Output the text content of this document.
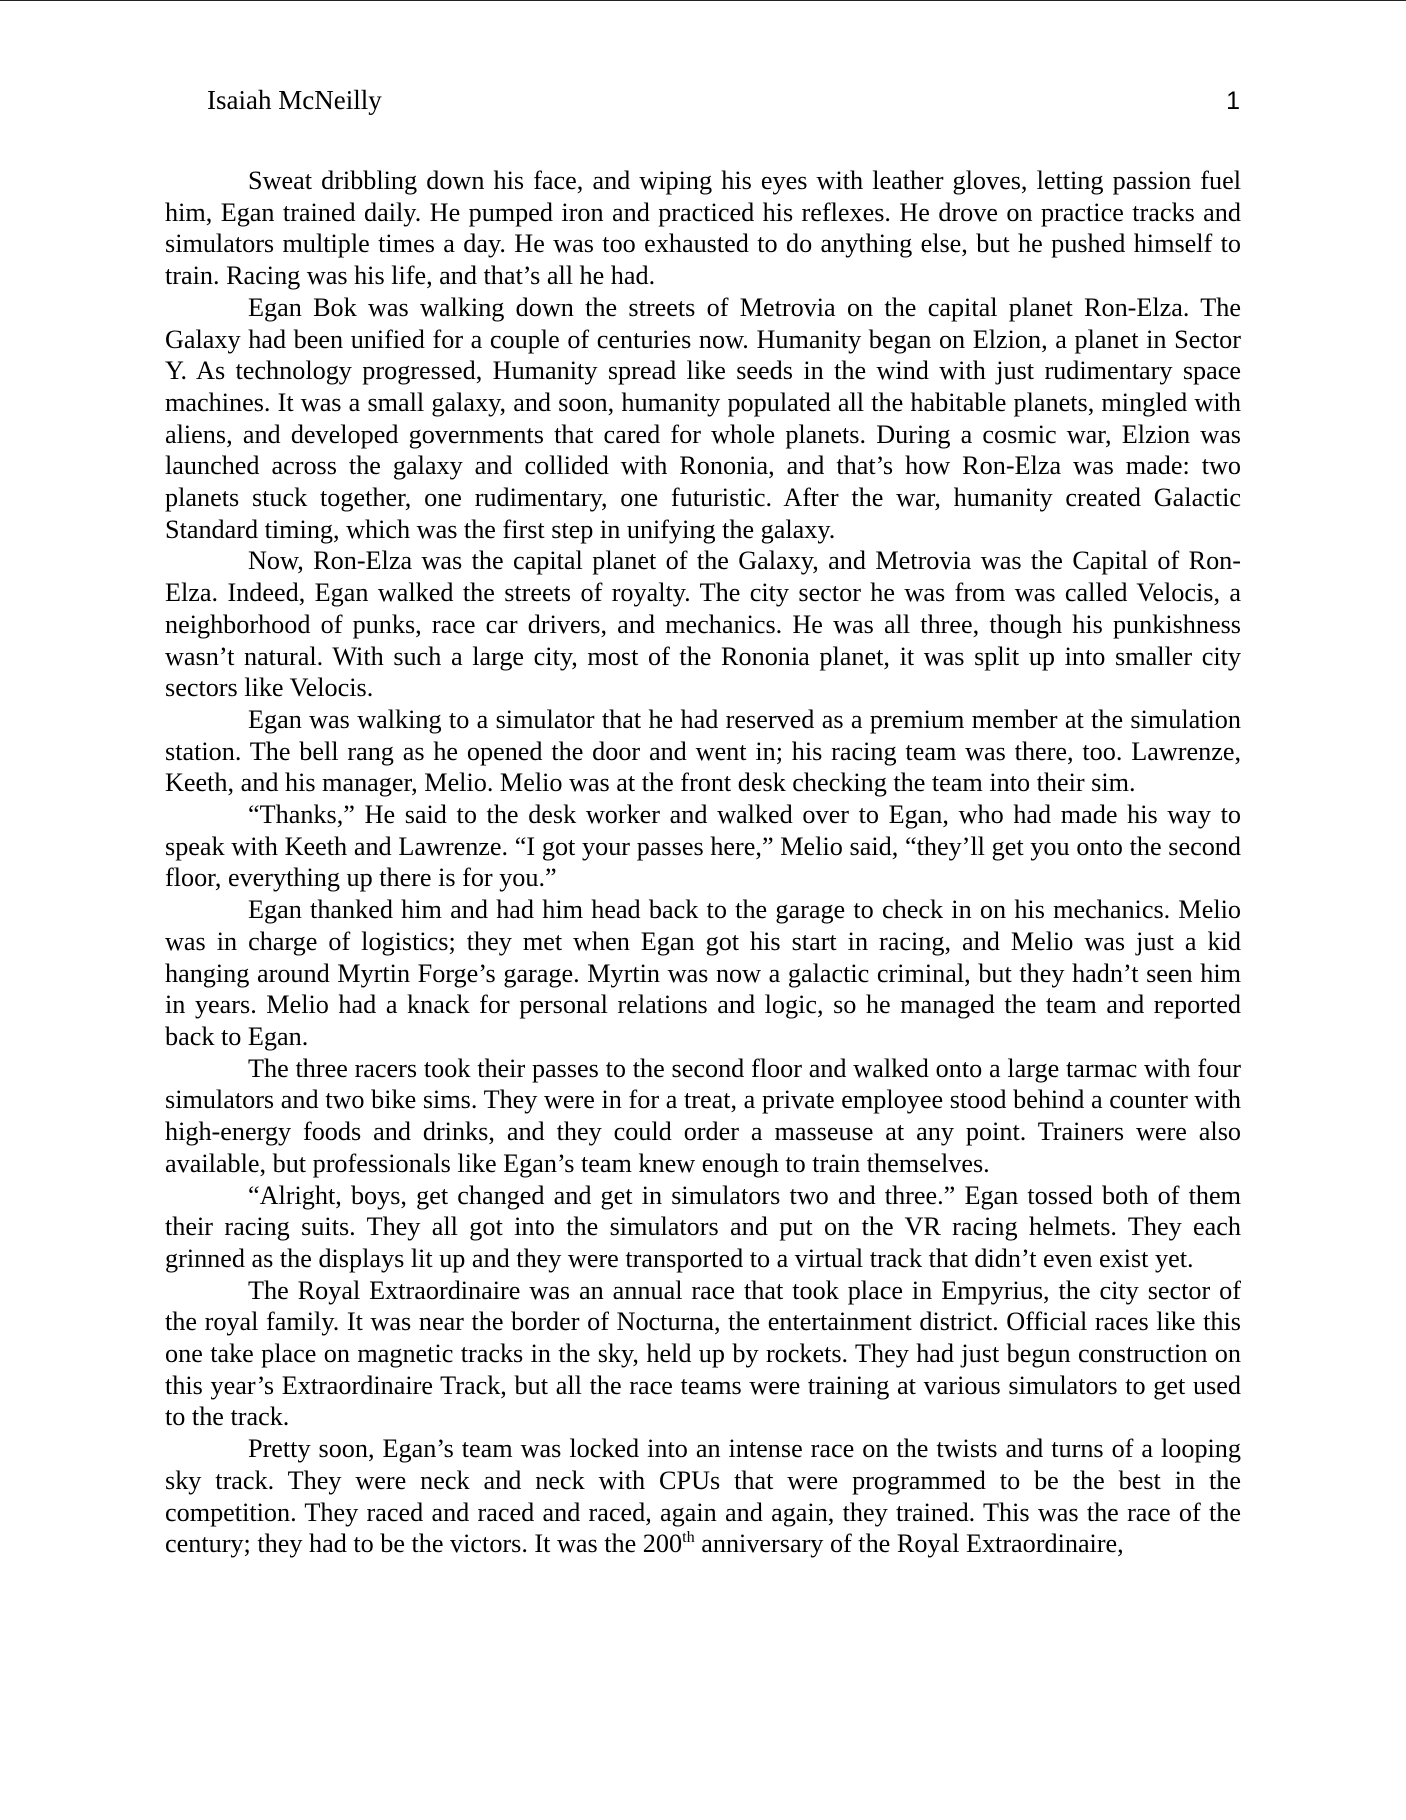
Isaiah McNeilly	1

Sweat dribbling down his face, and wiping his eyes with leather gloves, letting passion fuel him, Egan trained daily. He pumped iron and practiced his reflexes. He drove on practice tracks and simulators multiple times a day. He was too exhausted to do anything else, but he pushed himself to train. Racing was his life, and that’s all he had.

Egan Bok was walking down the streets of Metrovia on the capital planet Ron-Elza. The Galaxy had been unified for a couple of centuries now. Humanity began on Elzion, a planet in Sector Y. As technology progressed, Humanity spread like seeds in the wind with just rudimentary space machines. It was a small galaxy, and soon, humanity populated all the habitable planets, mingled with aliens, and developed governments that cared for whole planets. During a cosmic war, Elzion was launched across the galaxy and collided with Rononia, and that’s how Ron-Elza was made: two planets stuck together, one rudimentary, one futuristic. After the war, humanity created Galactic Standard timing, which was the first step in unifying the galaxy.

Now, Ron-Elza was the capital planet of the Galaxy, and Metrovia was the Capital of Ron-Elza. Indeed, Egan walked the streets of royalty. The city sector he was from was called Velocis, a neighborhood of punks, race car drivers, and mechanics. He was all three, though his punkishness wasn’t natural. With such a large city, most of the Rononia planet, it was split up into smaller city sectors like Velocis.

Egan was walking to a simulator that he had reserved as a premium member at the simulation station. The bell rang as he opened the door and went in; his racing team was there, too. Lawrenze, Keeth, and his manager, Melio. Melio was at the front desk checking the team into their sim.

“Thanks,” He said to the desk worker and walked over to Egan, who had made his way to speak with Keeth and Lawrenze. “I got your passes here,” Melio said, “they’ll get you onto the second floor, everything up there is for you.”

Egan thanked him and had him head back to the garage to check in on his mechanics. Melio was in charge of logistics; they met when Egan got his start in racing, and Melio was just a kid hanging around Myrtin Forge’s garage. Myrtin was now a galactic criminal, but they hadn’t seen him in years. Melio had a knack for personal relations and logic, so he managed the team and reported back to Egan.

The three racers took their passes to the second floor and walked onto a large tarmac with four simulators and two bike sims. They were in for a treat, a private employee stood behind a counter with high-energy foods and drinks, and they could order a masseuse at any point. Trainers were also available, but professionals like Egan’s team knew enough to train themselves.

“Alright, boys, get changed and get in simulators two and three.” Egan tossed both of them their racing suits. They all got into the simulators and put on the VR racing helmets. They each grinned as the displays lit up and they were transported to a virtual track that didn’t even exist yet.

The Royal Extraordinaire was an annual race that took place in Empyrius, the city sector of the royal family. It was near the border of Nocturna, the entertainment district. Official races like this one take place on magnetic tracks in the sky, held up by rockets. They had just begun construction on this year’s Extraordinaire Track, but all the race teams were training at various simulators to get used to the track.

Pretty soon, Egan’s team was locked into an intense race on the twists and turns of a looping sky track. They were neck and neck with CPUs that were programmed to be the best in the competition. They raced and raced and raced, again and again, they trained. This was the race of the century; they had to be the victors. It was the 200th anniversary of the Royal Extraordinaire,
